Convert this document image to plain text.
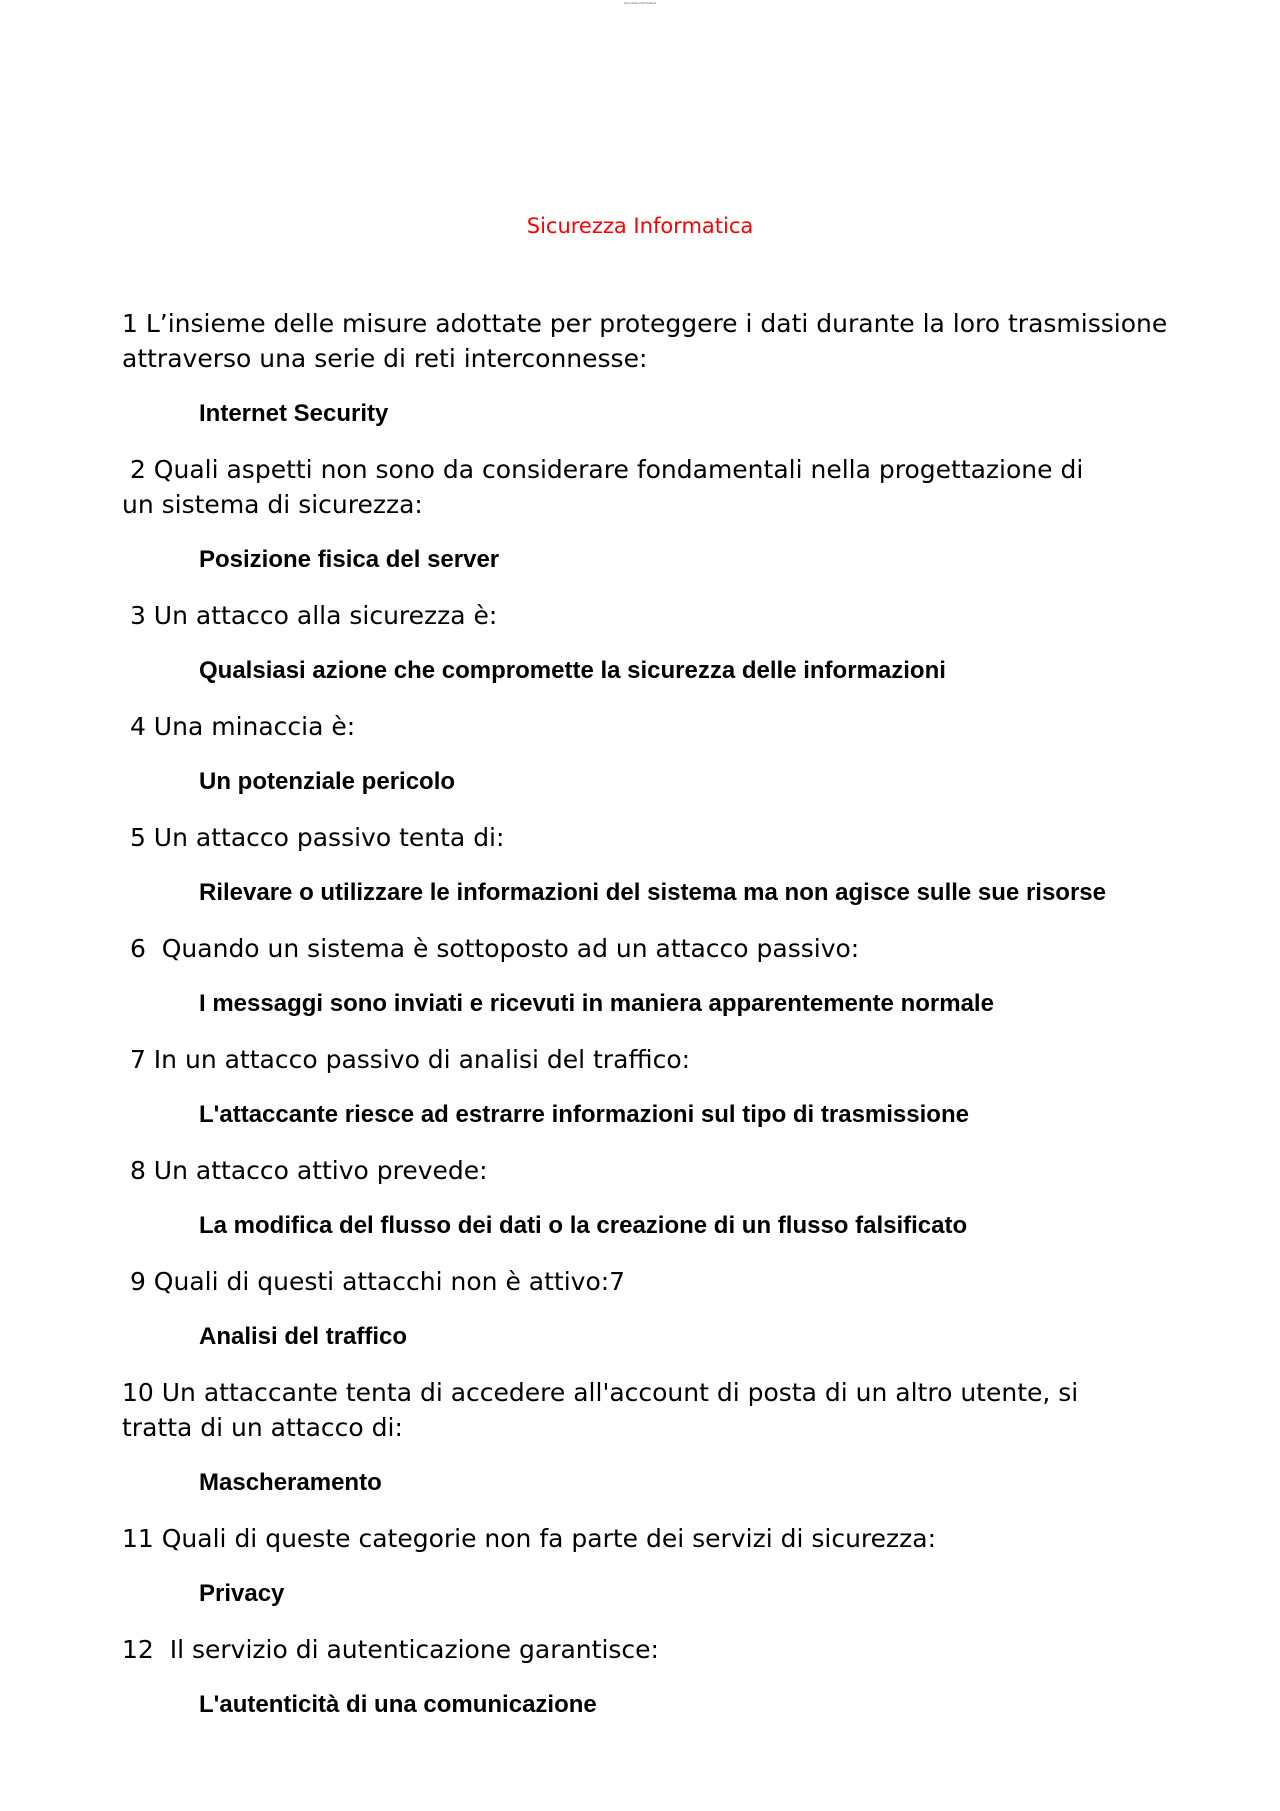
Sicurezza Informatica
Sicurezza Informatica

1 L’insieme delle misure adottate per proteggere i dati durante la loro trasmissione attraverso una serie di reti interconnesse:

Internet Security

2 Quali aspetti non sono da considerare fondamentali nella progettazione di un sistema di sicurezza:

Posizione fisica del server

3 Un attacco alla sicurezza è:

Qualsiasi azione che compromette la sicurezza delle informazioni

4 Una minaccia è:

Un potenziale pericolo

5 Un attacco passivo tenta di:

Rilevare o utilizzare le informazioni del sistema ma non agisce sulle sue risorse

6  Quando un sistema è sottoposto ad un attacco passivo:

I messaggi sono inviati e ricevuti in maniera apparentemente normale

7 In un attacco passivo di analisi del traffico:

L'attaccante riesce ad estrarre informazioni sul tipo di trasmissione

8 Un attacco attivo prevede:

La modifica del flusso dei dati o la creazione di un flusso falsificato

9 Quali di questi attacchi non è attivo:7

Analisi del traffico

10 Un attaccante tenta di accedere all'account di posta di un altro utente, si tratta di un attacco di:

Mascheramento

11 Quali di queste categorie non fa parte dei servizi di sicurezza:

Privacy

12  Il servizio di autenticazione garantisce:

L'autenticità di una comunicazione
